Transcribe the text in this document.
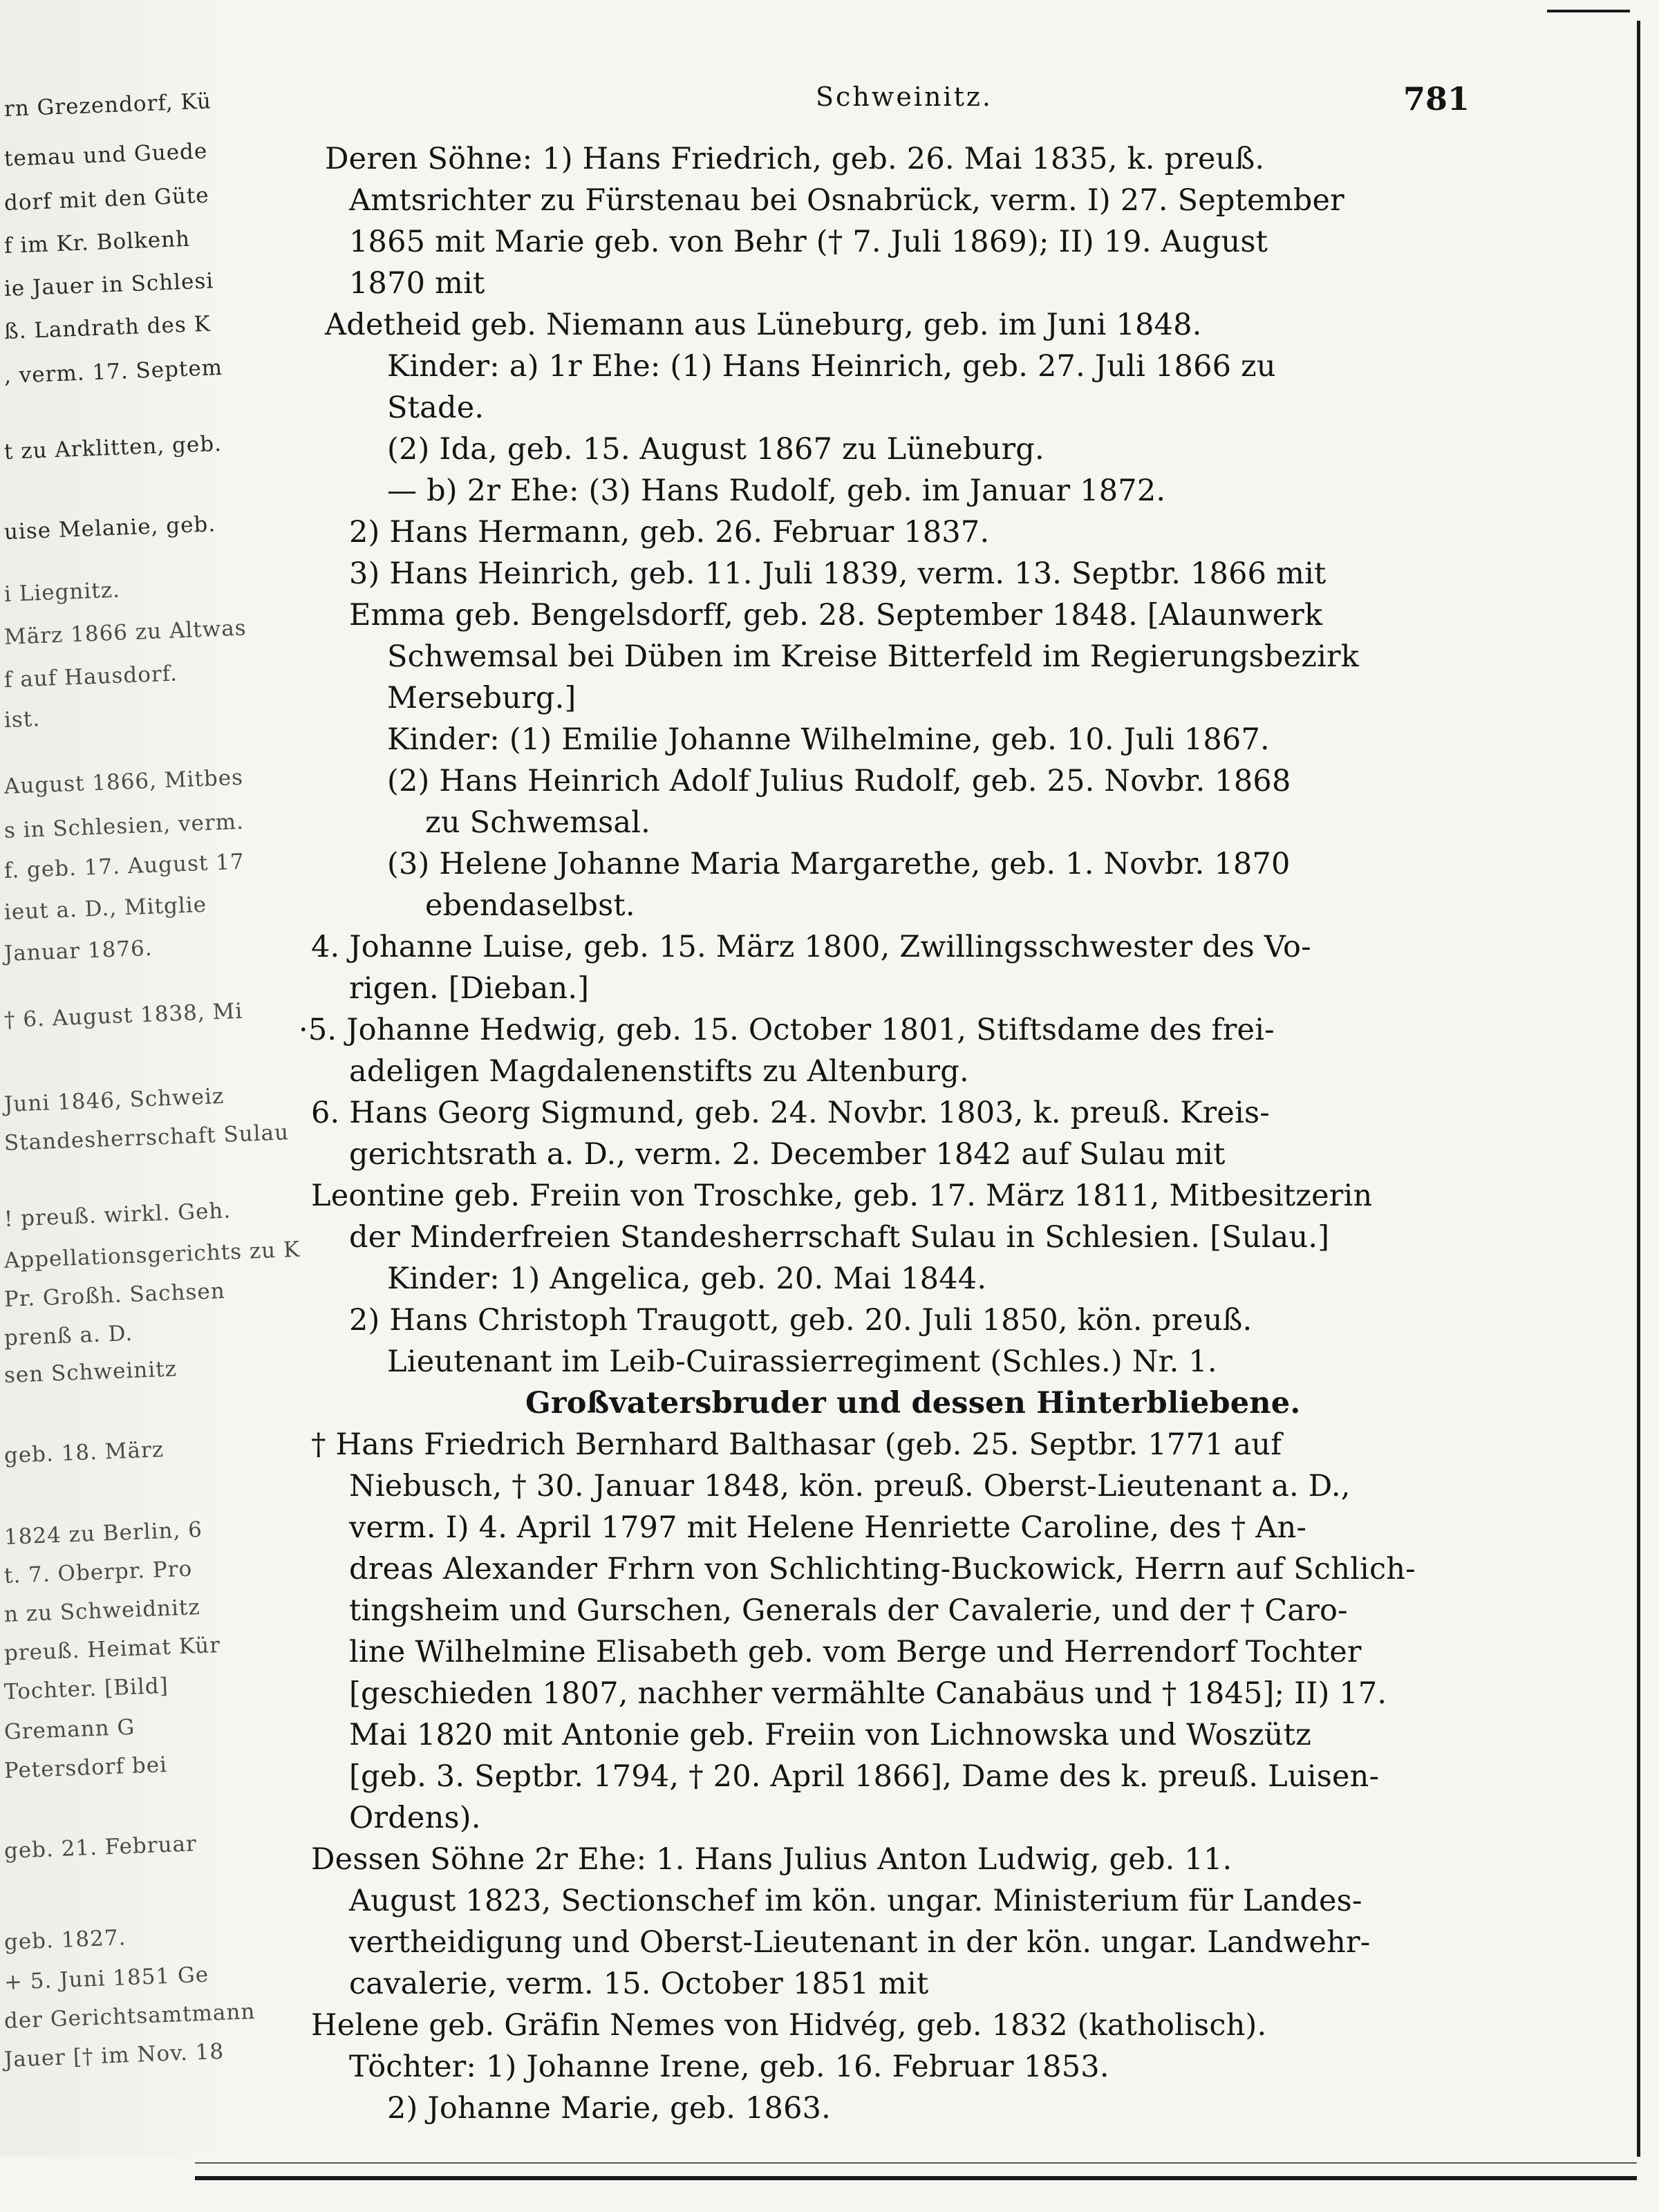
rn Grezendorf, Kü
temau und Guede
dorf mit den Güte
f im Kr. Bolkenh
ie Jauer in Schlesi
ß. Landrath des K
, verm. 17. Septem
t zu Arklitten, geb.
uise Melanie, geb.
i Liegnitz.
März 1866 zu Altwas
f auf Hausdorf.
ist.
August 1866, Mitbes
s in Schlesien, verm.
f. geb. 17. August 17
ieut a. D., Mitglie
Januar 1876.
† 6. August 1838, Mi
Juni 1846, Schweiz
Standesherrschaft Sulau
! preuß. wirkl. Geh.
Appellationsgerichts zu K
Pr. Großh. Sachsen
prenß a. D.
sen Schweinitz
geb. 18. März
1824 zu Berlin, 6
t. 7. Oberpr. Pro
n zu Schweidnitz
preuß. Heimat Kür
Tochter. [Bild]
Gremann G
Petersdorf bei
geb. 21. Februar
geb. 1827.
+ 5. Juni 1851 Ge
der Gerichtsamtmann
Jauer [† im Nov. 18
Schweinitz.	781
Deren Söhne: 1) Hans Friedrich, geb. 26. Mai 1835, k. preuß.
Amtsrichter zu Fürstenau bei Osnabrück, verm. I) 27. September
1865 mit Marie geb. von Behr († 7. Juli 1869); II) 19. August
1870 mit
Adetheid geb. Niemann aus Lüneburg, geb. im Juni 1848.
Kinder: a) 1r Ehe: (1) Hans Heinrich, geb. 27. Juli 1866 zu
Stade.
(2) Ida, geb. 15. August 1867 zu Lüneburg.
— b) 2r Ehe: (3) Hans Rudolf, geb. im Januar 1872.
2) Hans Hermann, geb. 26. Februar 1837.
3) Hans Heinrich, geb. 11. Juli 1839, verm. 13. Septbr. 1866 mit
Emma geb. Bengelsdorff, geb. 28. September 1848. [Alaunwerk
Schwemsal bei Düben im Kreise Bitterfeld im Regierungsbezirk
Merseburg.]
Kinder: (1) Emilie Johanne Wilhelmine, geb. 10. Juli 1867.
(2) Hans Heinrich Adolf Julius Rudolf, geb. 25. Novbr. 1868
zu Schwemsal.
(3) Helene Johanne Maria Margarethe, geb. 1. Novbr. 1870
ebendaselbst.
4. Johanne Luise, geb. 15. März 1800, Zwillingsschwester des Vo-
rigen. [Dieban.]
·5. Johanne Hedwig, geb. 15. October 1801, Stiftsdame des frei-
adeligen Magdalenenstifts zu Altenburg.
6. Hans Georg Sigmund, geb. 24. Novbr. 1803, k. preuß. Kreis-
gerichtsrath a. D., verm. 2. December 1842 auf Sulau mit
Leontine geb. Freiin von Troschke, geb. 17. März 1811, Mitbesitzerin
der Minderfreien Standesherrschaft Sulau in Schlesien. [Sulau.]
Kinder: 1) Angelica, geb. 20. Mai 1844.
2) Hans Christoph Traugott, geb. 20. Juli 1850, kön. preuß.
Lieutenant im Leib-Cuirassierregiment (Schles.) Nr. 1.
Großvatersbruder und dessen Hinterbliebene.
† Hans Friedrich Bernhard Balthasar (geb. 25. Septbr. 1771 auf
Niebusch, † 30. Januar 1848, kön. preuß. Oberst-Lieutenant a. D.,
verm. I) 4. April 1797 mit Helene Henriette Caroline, des † An-
dreas Alexander Frhrn von Schlichting-Buckowick, Herrn auf Schlich-
tingsheim und Gurschen, Generals der Cavalerie, und der † Caro-
line Wilhelmine Elisabeth geb. vom Berge und Herrendorf Tochter
[geschieden 1807, nachher vermählte Canabäus und † 1845]; II) 17.
Mai 1820 mit Antonie geb. Freiin von Lichnowska und Woszütz
[geb. 3. Septbr. 1794, † 20. April 1866], Dame des k. preuß. Luisen-
Ordens).
Dessen Söhne 2r Ehe: 1. Hans Julius Anton Ludwig, geb. 11.
August 1823, Sectionschef im kön. ungar. Ministerium für Landes-
vertheidigung und Oberst-Lieutenant in der kön. ungar. Landwehr-
cavalerie, verm. 15. October 1851 mit
Helene geb. Gräfin Nemes von Hidvég, geb. 1832 (katholisch).
Töchter: 1) Johanne Irene, geb. 16. Februar 1853.
2) Johanne Marie, geb. 1863.
